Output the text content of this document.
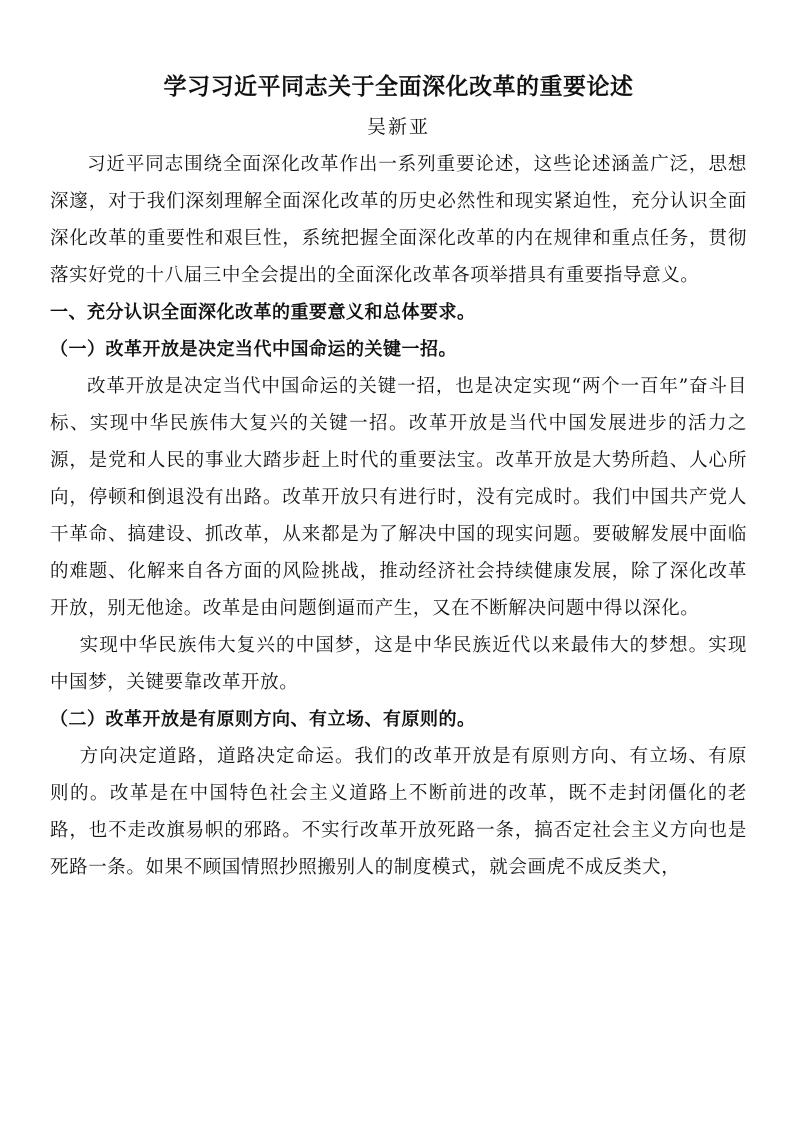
学习习近平同志关于全面深化改革的重要论述
吴新亚

习近平同志围绕全面深化改革作出一系列重要论述，这些论述涵盖广泛，思想深邃，对于我们深刻理解全面深化改革的历史必然性和现实紧迫性，充分认识全面深化改革的重要性和艰巨性，系统把握全面深化改革的内在规律和重点任务，贯彻落实好党的十八届三中全会提出的全面深化改革各项举措具有重要指导意义。

一、充分认识全面深化改革的重要意义和总体要求。
（一）改革开放是决定当代中国命运的关键一招。

改革开放是决定当代中国命运的关键一招，也是决定实现“两个一百年”奋斗目标、实现中华民族伟大复兴的关键一招。改革开放是当代中国发展进步的活力之源，是党和人民的事业大踏步赶上时代的重要法宝。改革开放是大势所趋、人心所向，停顿和倒退没有出路。改革开放只有进行时，没有完成时。我们中国共产党人干革命、搞建设、抓改革，从来都是为了解决中国的现实问题。要破解发展中面临的难题、化解来自各方面的风险挑战，推动经济社会持续健康发展，除了深化改革开放，别无他途。改革是由问题倒逼而产生，又在不断解决问题中得以深化。

实现中华民族伟大复兴的中国梦，这是中华民族近代以来最伟大的梦想。实现中国梦，关键要靠改革开放。

（二）改革开放是有原则方向、有立场、有原则的。

方向决定道路，道路决定命运。我们的改革开放是有原则方向、有立场、有原则的。改革是在中国特色社会主义道路上不断前进的改革，既不走封闭僵化的老路，也不走改旗易帜的邪路。不实行改革开放死路一条，搞否定社会主义方向也是死路一条。如果不顾国情照抄照搬别人的制度模式，就会画虎不成反类犬，
